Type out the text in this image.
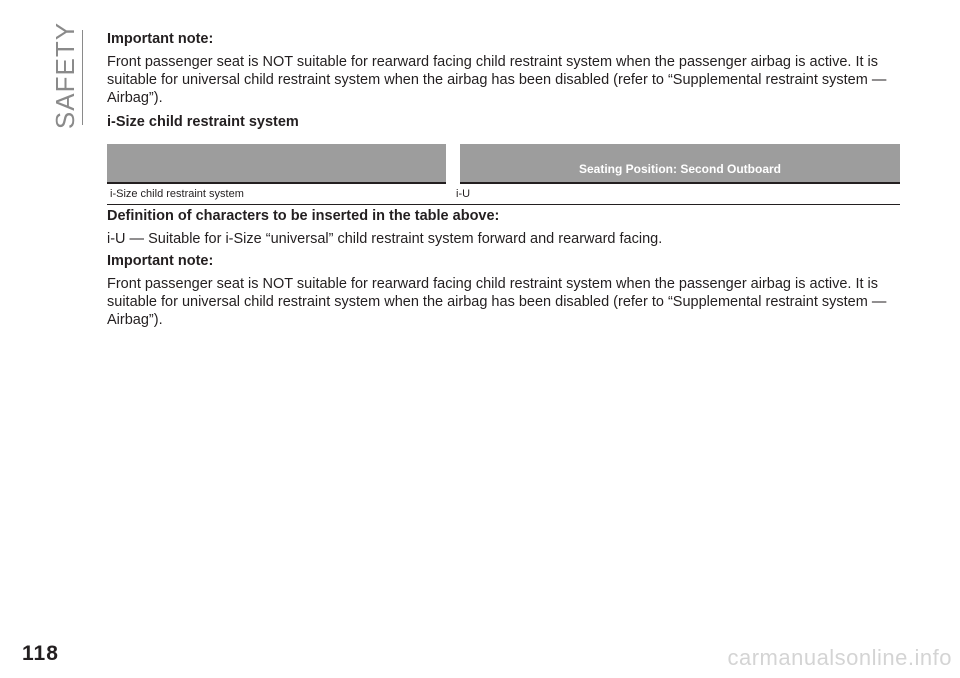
SAFETY Important note:
Front passenger seat is NOT suitable for rearward facing child restraint system when the passenger airbag is active. It is suitable for universal child restraint system when the airbag has been disabled (refer to “Supplemental restraint system — Airbag”).
i-Size child restraint system
	Seating Position: Second Outboard
i-Size child restraint system	i-U
Definition of characters to be inserted in the table above:
i-U — Suitable for i-Size “universal” child restraint system forward and rearward facing.
Important note:
Front passenger seat is NOT suitable for rearward facing child restraint system when the passenger airbag is active. It is suitable for universal child restraint system when the airbag has been disabled (refer to “Supplemental restraint system — Airbag”).
118	carmanualsonline.info
